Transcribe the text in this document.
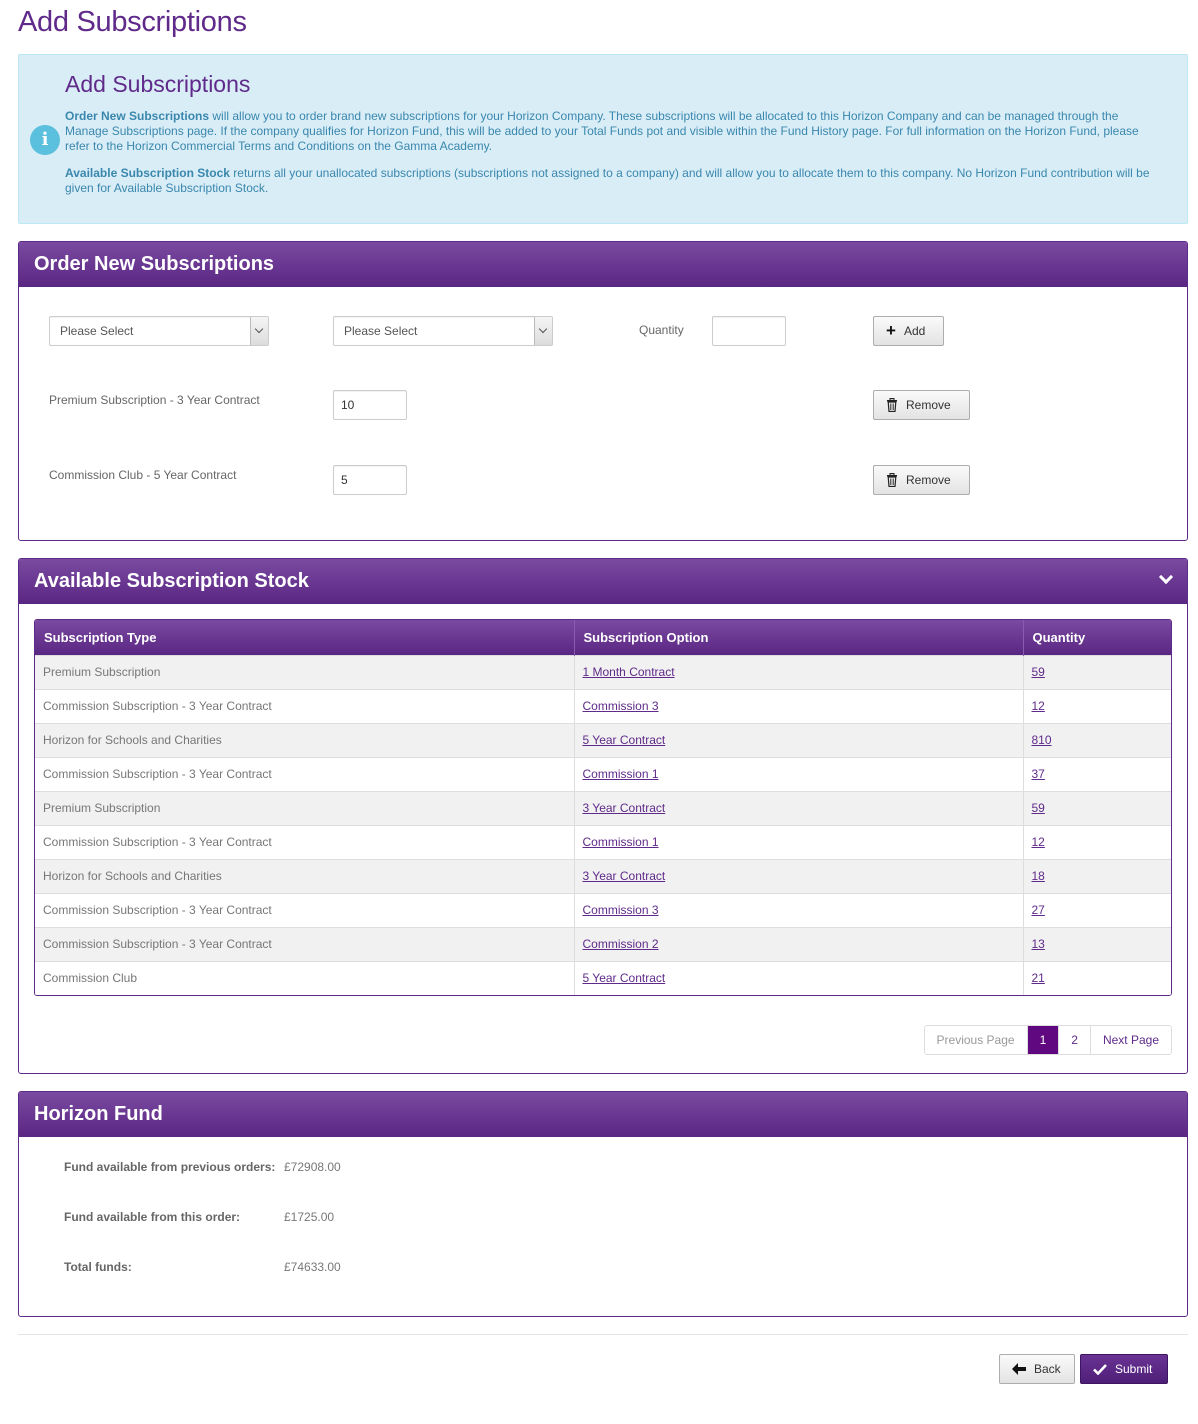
Add Subscriptions
i
Add Subscriptions

Order New Subscriptions will allow you to order brand new subscriptions for your Horizon Company. These subscriptions will be allocated to this Horizon Company and can be managed through the Manage Subscriptions page. If the company qualifies for Horizon Fund, this will be added to your Total Funds pot and visible within the Fund History page. For full information on the Horizon Fund, please refer to the Horizon Commercial Terms and Conditions on the Gamma Academy.

Available Subscription Stock returns all your unallocated subscriptions (subscriptions not assigned to a company) and will allow you to allocate them to this company. No Horizon Fund contribution will be given for Available Subscription Stock.

Order New Subscriptions
Please Select	Please Select	Quantity	+ Add
Premium Subscription - 3 Year Contract	10	Remove
Commission Club - 5 Year Contract	5	Remove
Available Subscription Stock
Subscription Type	Subscription Option	Quantity
Premium Subscription	1 Month Contract	59
Commission Subscription - 3 Year Contract	Commission 3	12
Horizon for Schools and Charities	5 Year Contract	810
Commission Subscription - 3 Year Contract	Commission 1	37
Premium Subscription	3 Year Contract	59
Commission Subscription - 3 Year Contract	Commission 1	12
Horizon for Schools and Charities	3 Year Contract	18
Commission Subscription - 3 Year Contract	Commission 3	27
Commission Subscription - 3 Year Contract	Commission 2	13
Commission Club	5 Year Contract	21
Previous Page	1	2	Next Page
Horizon Fund
Fund available from previous orders: £72908.00
Fund available from this order:	£1725.00
Total funds:	£74633.00
Back	Submit
